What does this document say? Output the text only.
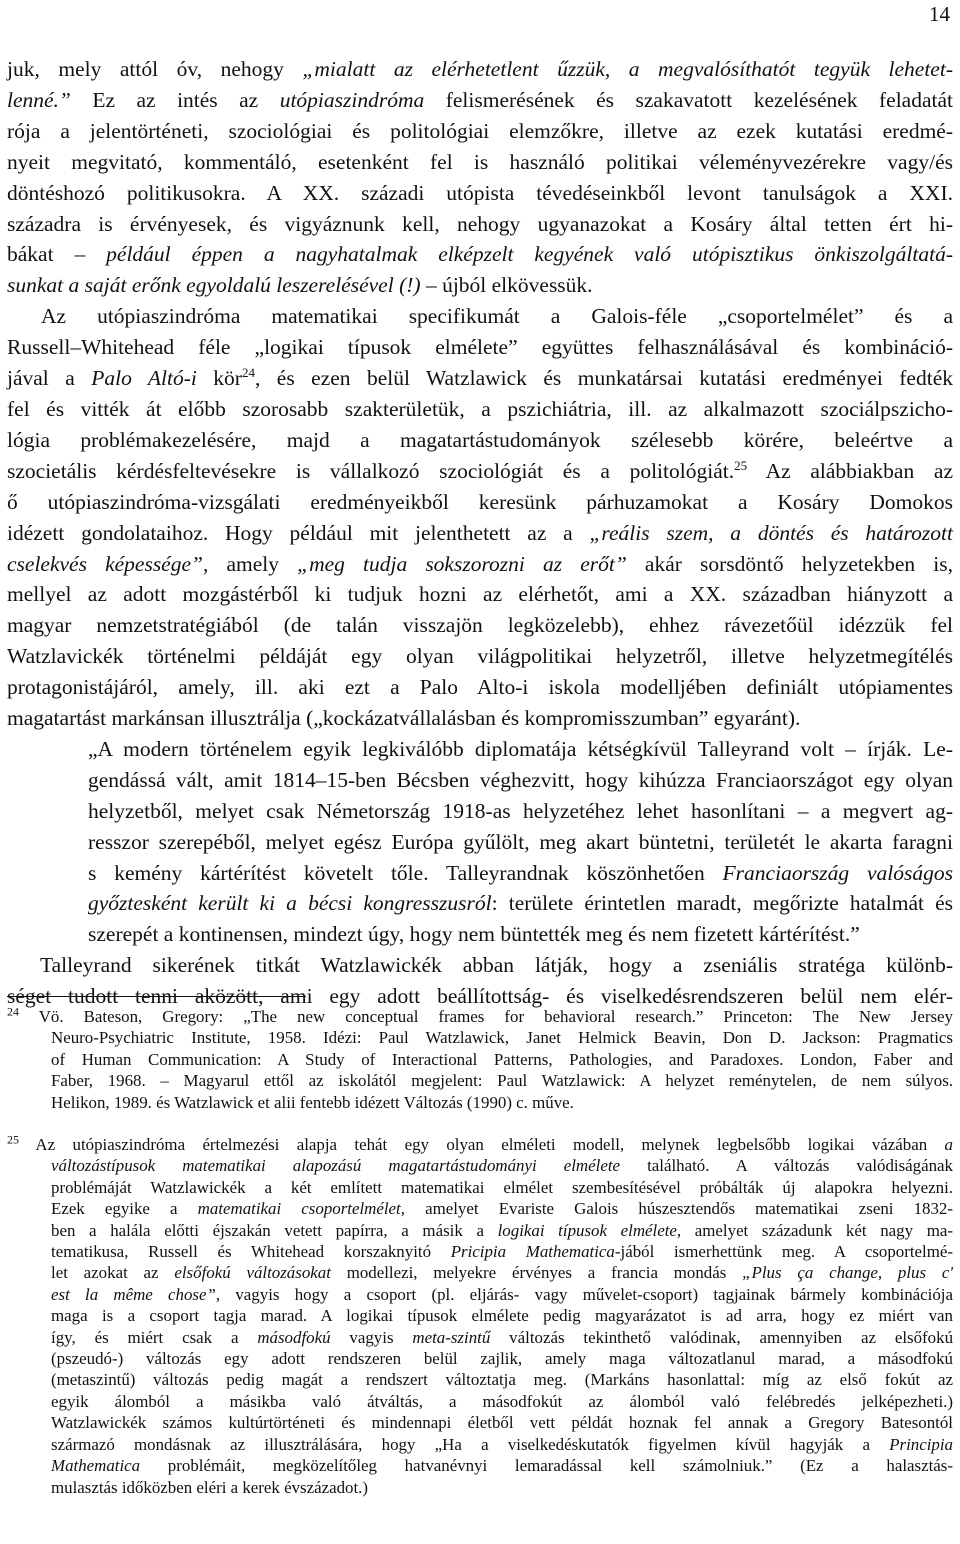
14
juk, mely attól óv, nehogy „mialatt az elérhetetlent űzzük, a megvalósíthatót tegyük lehetet-
lenné.” Ez az intés az utópiaszindróma felismerésének és szakavatott kezelésének feladatát
rója a jelentörténeti, szociológiai és politológiai elemzőkre, illetve az ezek kutatási eredmé-
nyeit megvitató, kommentáló, esetenként fel is használó politikai véleményvezérekre vagy/és
döntéshozó politikusokra. A XX. századi utópista tévedéseinkből levont tanulságok a XXI.
századra is érvényesek, és vigyáznunk kell, nehogy ugyanazokat a Kosáry által tetten ért hi-
bákat – például éppen a nagyhatalmak elképzelt kegyének való utópisztikus önkiszolgáltatá-
sunkat a saját erőnk egyoldalú leszerelésével (!) – újból elkövessük.
Az utópiaszindróma matematikai specifikumát a Galois-féle „csoportelmélet” és a
Russell–Whitehead féle „logikai típusok elmélete” együttes felhasználásával és kombináció-
jával a Palo Altó-i kör$^{24}$, és ezen belül Watzlawick és munkatársai kutatási eredményei fedték
fel és vitték át előbb szorosabb szakterületük, a pszichiátria, ill. az alkalmazott szociálpszicho-
lógia problémakezelésére, majd a magatartástudományok szélesebb körére, beleértve a
szocietális kérdésfeltevésekre is vállalkozó szociológiát és a politológiát.$^{25}$ Az alábbiakban az
ő utópiaszindróma-vizsgálati eredményeikből keresünk párhuzamokat a Kosáry Domokos
idézett gondolataihoz. Hogy például mit jelenthetett az a „reális szem, a döntés és határozott
cselekvés képessége”, amely „meg tudja sokszorozni az erőt” akár sorsdöntő helyzetekben is,
mellyel az adott mozgástérből ki tudjuk hozni az elérhetőt, ami a XX. században hiányzott a
magyar nemzetstratégiából (de talán visszajön legközelebb), ehhez rávezetőül idézzük fel
Watzlavickék történelmi példáját egy olyan világpolitikai helyzetről, illetve helyzetmegítélés
protagonistájáról, amely, ill. aki ezt a Palo Alto-i iskola modelljében definiált utópiamentes
magatartást markánsan illusztrálja („kockázatvállalásban és kompromisszumban” egyaránt).
„A modern történelem egyik legkiválóbb diplomatája kétségkívül Talleyrand volt – írják. Le-
gendássá vált, amit 1814–15-ben Bécsben véghezvitt, hogy kihúzza Franciaországot egy olyan
helyzetből, melyet csak Németország 1918-as helyzetéhez lehet hasonlítani – a megvert ag-
resszor szerepéből, melyet egész Európa gyűlölt, meg akart büntetni, területét le akarta faragni
s kemény kártérítést követelt tőle. Talleyrandnak köszönhetően Franciaország valóságos
győztesként került ki a bécsi kongresszusról: területe érintetlen maradt, megőrizte hatalmát és
szerepét a kontinensen, mindezt úgy, hogy nem büntették meg és nem fizetett kártérítést.”
Talleyrand sikerének titkát Watzlawickék abban látják, hogy a zseniális stratéga különb-
séget tudott tenni aközött, ami egy adott beállítottság- és viselkedésrendszeren belül nem elér-
$^{24}$ Vö. Bateson, Gregory: „The new conceptual frames for behavioral research.” Princeton: The New Jersey
Neuro-Psychiatric Institute, 1958. Idézi: Paul Watzlawick, Janet Helmick Beavin, Don D. Jackson: Pragmatics
of Human Communication: A Study of Interactional Patterns, Pathologies, and Paradoxes. London, Faber and
Faber, 1968. – Magyarul ettől az iskolától megjelent: Paul Watzlawick: A helyzet reménytelen, de nem súlyos.
Helikon, 1989. és Watzlawick et alii fentebb idézett Változás (1990) c. műve.
$^{25}$ Az utópiaszindróma értelmezési alapja tehát egy olyan elméleti modell, melynek legbelsőbb logikai vázában a
változástípusok matematikai alapozású magatartástudományi elmélete található. A változás valódiságának
problémáját Watzlawickék a két említett matematikai elmélet szembesítésével próbálták új alapokra helyezni.
Ezek egyike a matematikai csoportelmélet, amelyet Evariste Galois húszesztendős matematikai zseni 1832-
ben a halála előtti éjszakán vetett papírra, a másik a logikai típusok elmélete, amelyet századunk két nagy ma-
tematikusa, Russell és Whitehead korszaknyitó Pricipia Mathematica-jából ismerhettünk meg. A csoportelmé-
let azokat az elsőfokú változásokat modellezi, melyekre érvényes a francia mondás „Plus ça change, plus c'
est la même chose”, vagyis hogy a csoport (pl. eljárás- vagy művelet-csoport) tagjainak bármely kombinációja
maga is a csoport tagja marad. A logikai típusok elmélete pedig magyarázatot is ad arra, hogy ez miért van
így, és miért csak a másodfokú vagyis meta-szintű változás tekinthető valódinak, amennyiben az elsőfokú
(pszeudó-) változás egy adott rendszeren belül zajlik, amely maga változatlanul marad, a másodfokú
(metaszintű) változás pedig magát a rendszert változtatja meg. (Markáns hasonlattal: míg az első fokút az
egyik álomból a másikba való átváltás, a másodfokút az álomból való felébredés jelképezheti.)
Watzlawickék számos kultúrtörténeti és mindennapi életből vett példát hoznak fel annak a Gregory Batesontól
származó mondásnak az illusztrálására, hogy „Ha a viselkedéskutatók figyelmen kívül hagyják a Principia
Mathematica problémáit, megközelítőleg hatvanévnyi lemaradással kell számolniuk.” (Ez a halasztás-
mulasztás időközben eléri a kerek évszázadot.)
